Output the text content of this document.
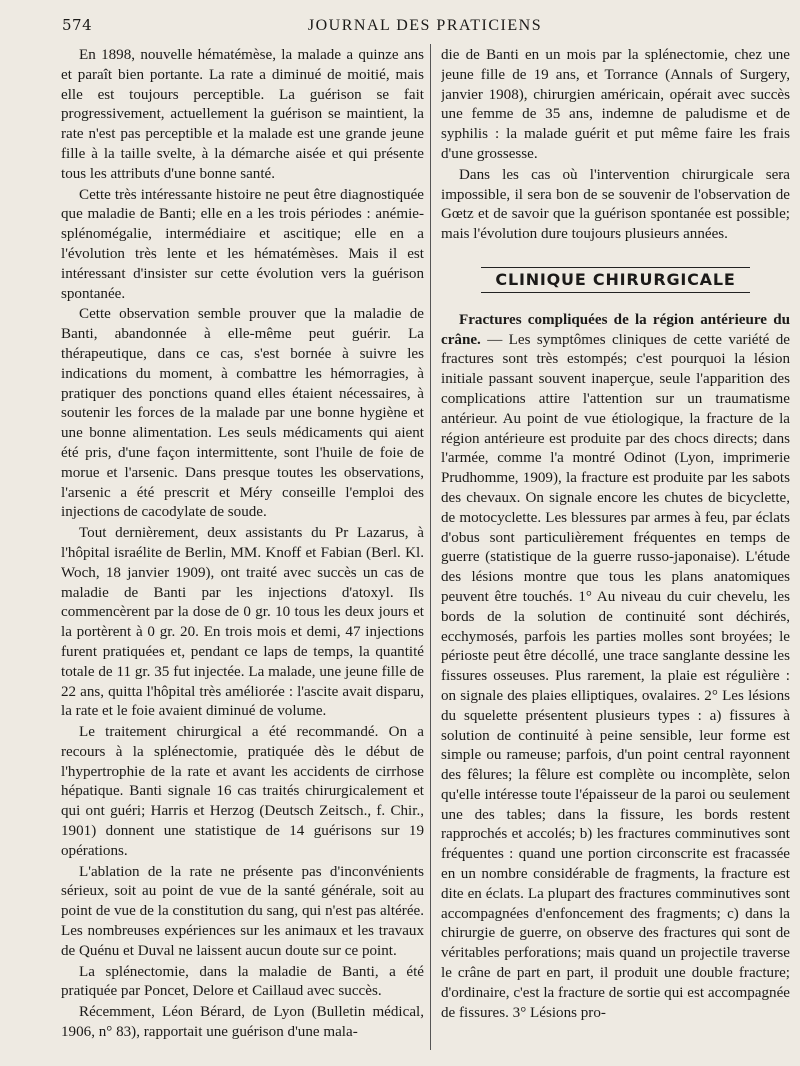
574	JOURNAL DES PRATICIENS

En 1898, nouvelle hématémèse, la malade a quinze ans et paraît bien portante. La rate a diminué de moitié, mais elle est toujours perceptible. La guérison se fait progressivement, actuellement la guérison se maintient, la rate n'est pas perceptible et la malade est une grande jeune fille à la taille svelte, à la démarche aisée et qui présente tous les attributs d'une bonne santé.

Cette très intéressante histoire ne peut être diagnostiquée que maladie de Banti; elle en a les trois périodes : anémie-splénomégalie, intermédiaire et ascitique; elle en a l'évolution très lente et les hématémèses. Mais il est intéressant d'insister sur cette évolution vers la guérison spontanée.

Cette observation semble prouver que la maladie de Banti, abandonnée à elle-même peut guérir. La thérapeutique, dans ce cas, s'est bornée à suivre les indications du moment, à combattre les hémorragies, à pratiquer des ponctions quand elles étaient nécessaires, à soutenir les forces de la malade par une bonne hygiène et une bonne alimentation. Les seuls médicaments qui aient été pris, d'une façon intermittente, sont l'huile de foie de morue et l'arsenic. Dans presque toutes les observations, l'arsenic a été prescrit et Méry conseille l'emploi des injections de cacodylate de soude.

Tout dernièrement, deux assistants du Pr Lazarus, à l'hôpital israélite de Berlin, MM. Knoff et Fabian (Berl. Kl. Woch, 18 janvier 1909), ont traité avec succès un cas de maladie de Banti par les injections d'atoxyl. Ils commencèrent par la dose de 0 gr. 10 tous les deux jours et la portèrent à 0 gr. 20. En trois mois et demi, 47 injections furent pratiquées et, pendant ce laps de temps, la quantité totale de 11 gr. 35 fut injectée. La malade, une jeune fille de 22 ans, quitta l'hôpital très améliorée : l'ascite avait disparu, la rate et le foie avaient diminué de volume.

Le traitement chirurgical a été recommandé. On a recours à la splénectomie, pratiquée dès le début de l'hypertrophie de la rate et avant les accidents de cirrhose hépatique. Banti signale 16 cas traités chirurgicalement et qui ont guéri; Harris et Herzog (Deutsch Zeitsch., f. Chir., 1901) donnent une statistique de 14 guérisons sur 19 opérations.

L'ablation de la rate ne présente pas d'inconvénients sérieux, soit au point de vue de la santé générale, soit au point de vue de la constitution du sang, qui n'est pas altérée. Les nombreuses expériences sur les animaux et les travaux de Quénu et Duval ne laissent aucun doute sur ce point.

La splénectomie, dans la maladie de Banti, a été pratiquée par Poncet, Delore et Caillaud avec succès.

Récemment, Léon Bérard, de Lyon (Bulletin médical, 1906, n° 83), rapportait une guérison d'une mala-

die de Banti en un mois par la splénectomie, chez une jeune fille de 19 ans, et Torrance (Annals of Surgery, janvier 1908), chirurgien américain, opérait avec succès une femme de 35 ans, indemne de paludisme et de syphilis : la malade guérit et put même faire les frais d'une grossesse.

Dans les cas où l'intervention chirurgicale sera impossible, il sera bon de se souvenir de l'observation de Gœtz et de savoir que la guérison spontanée est possible; mais l'évolution dure toujours plusieurs années.

CLINIQUE CHIRURGICALE

Fractures compliquées de la région antérieure du crâne. — Les symptômes cliniques de cette variété de fractures sont très estompés; c'est pourquoi la lésion initiale passant souvent inaperçue, seule l'apparition des complications attire l'attention sur un traumatisme antérieur. Au point de vue étiologique, la fracture de la région antérieure est produite par des chocs directs; dans l'armée, comme l'a montré Odinot (Lyon, imprimerie Prudhomme, 1909), la fracture est produite par les sabots des chevaux. On signale encore les chutes de bicyclette, de motocyclette. Les blessures par armes à feu, par éclats d'obus sont particulièrement fréquentes en temps de guerre (statistique de la guerre russo-japonaise). L'étude des lésions montre que tous les plans anatomiques peuvent être touchés. 1° Au niveau du cuir chevelu, les bords de la solution de continuité sont déchirés, ecchymosés, parfois les parties molles sont broyées; le périoste peut être décollé, une trace sanglante dessine les fissures osseuses. Plus rarement, la plaie est régulière : on signale des plaies elliptiques, ovalaires. 2° Les lésions du squelette présentent plusieurs types : a) fissures à solution de continuité à peine sensible, leur forme est simple ou rameuse; parfois, d'un point central rayonnent des fêlures; la fêlure est complète ou incomplète, selon qu'elle intéresse toute l'épaisseur de la paroi ou seulement une des tables; dans la fissure, les bords restent rapprochés et accolés; b) les fractures comminutives sont fréquentes : quand une portion circonscrite est fracassée en un nombre considérable de fragments, la fracture est dite en éclats. La plupart des fractures comminutives sont accompagnées d'enfoncement des fragments; c) dans la chirurgie de guerre, on observe des fractures qui sont de véritables perforations; mais quand un projectile traverse le crâne de part en part, il produit une double fracture; d'ordinaire, c'est la fracture de sortie qui est accompagnée de fissures. 3° Lésions pro-
